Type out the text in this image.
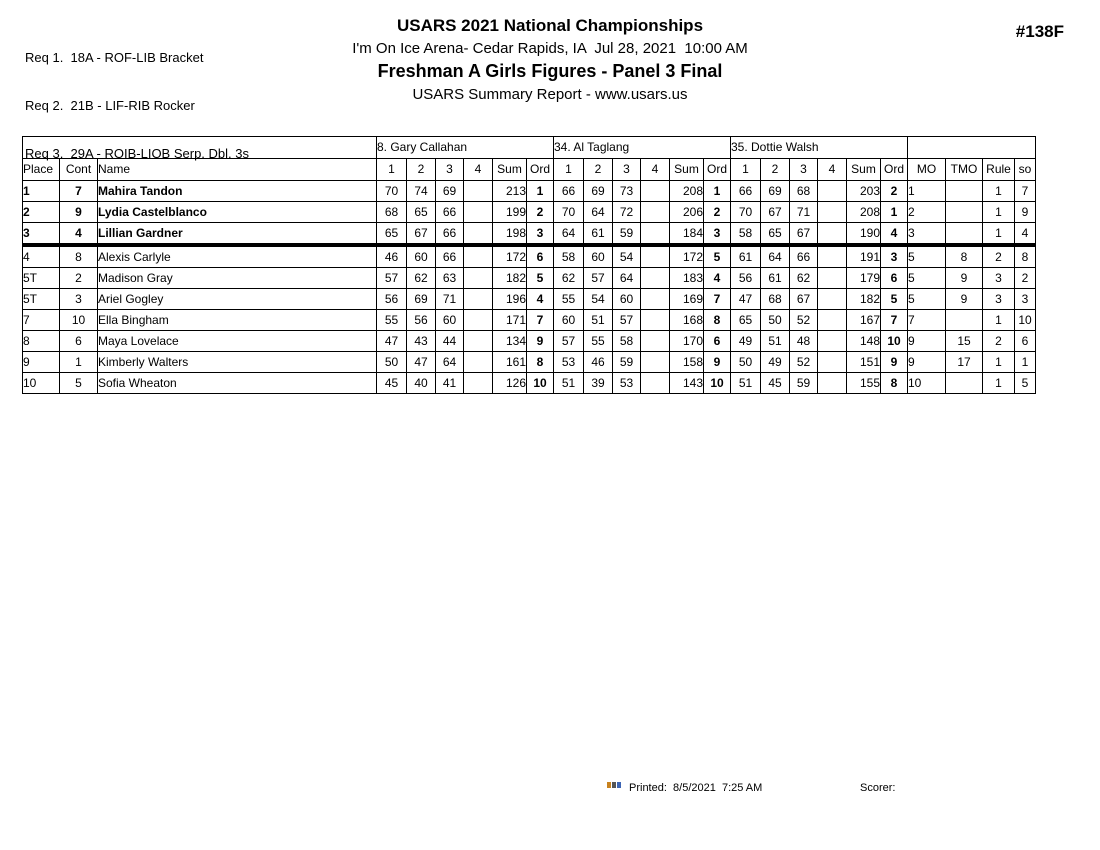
Req 1.  18A - ROF-LIB Bracket

Req 2.  21B - LIF-RIB Rocker

Req 3.  29A - ROIB-LIOB Serp. Dbl. 3s

USARS 2021 National Championships
I'm On Ice Arena- Cedar Rapids, IA  Jul 28, 2021  10:00 AM
Freshman A Girls Figures - Panel 3 Final
USARS Summary Report - www.usars.us
#138F
			8. Gary Callahan						34. Al Taglang						35. Dottie Walsh									
Place	Cont	Name	1	2	3	4	Sum	Ord	1	2	3	4	Sum	Ord	1	2	3	4	Sum	Ord	MO	TMO	Rule	so
1	7	Mahira Tandon	70	74	69		213	1	66	69	73		208	1	66	69	68		203	2	1		1	7
2	9	Lydia Castelblanco	68	65	66		199	2	70	64	72		206	2	70	67	71		208	1	2		1	9
3	4	Lillian Gardner	65	67	66		198	3	64	61	59		184	3	58	65	67		190	4	3		1	4
4	8	Alexis Carlyle	46	60	66		172	6	58	60	54		172	5	61	64	66		191	3	5	8	2	8
5T	2	Madison Gray	57	62	63		182	5	62	57	64		183	4	56	61	62		179	6	5	9	3	2
5T	3	Ariel Gogley	56	69	71		196	4	55	54	60		169	7	47	68	67		182	5	5	9	3	3
7	10	Ella Bingham	55	56	60		171	7	60	51	57		168	8	65	50	52		167	7	7		1	10
8	6	Maya Lovelace	47	43	44		134	9	57	55	58		170	6	49	51	48		148	10	9	15	2	6
9	1	Kimberly Walters	50	47	64		161	8	53	46	59		158	9	50	49	52		151	9	9	17	1	1
10	5	Sofia Wheaton	45	40	41		126	10	51	39	53		143	10	51	45	59		155	8	10		1	5
Printed:  8/5/2021  7:25 AM	Scorer:
